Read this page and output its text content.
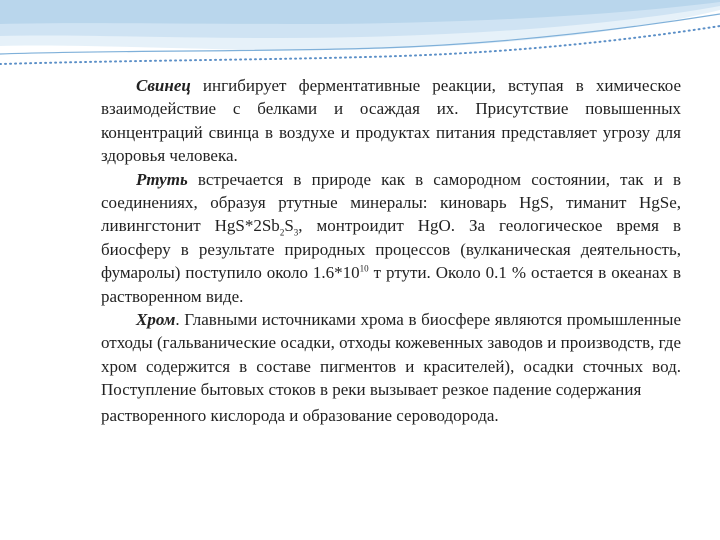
Свинец ингибирует ферментативные реакции, вступая в химическое взаимодействие с белками и осаждая их. Присутствие повышенных концентраций свинца в воздухе и продуктах питания представляет угрозу для здоровья человека.

Ртуть встречается в природе как в самородном состоянии, так и в соединениях, образуя ртутные минералы: киноварь HgS, тиманит HgSe, ливингстонит $HgS*2Sb_2S_3$, монтроидит HgO. За геологическое время в биосферу в результате природных процессов (вулканическая деятельность, фумаролы) поступило около $1.6*10^{10}$ т ртути. Около 0.1 % остается в океанах в растворенном виде.

Хром. Главными источниками хрома в биосфере являются промышленные отходы (гальванические осадки, отходы кожевенных заводов и производств, где хром содержится в составе пигментов и красителей), осадки сточных вод. Поступление бытовых стоков в реки вызывает резкое падение содержания

растворенного кислорода и образование сероводорода.
